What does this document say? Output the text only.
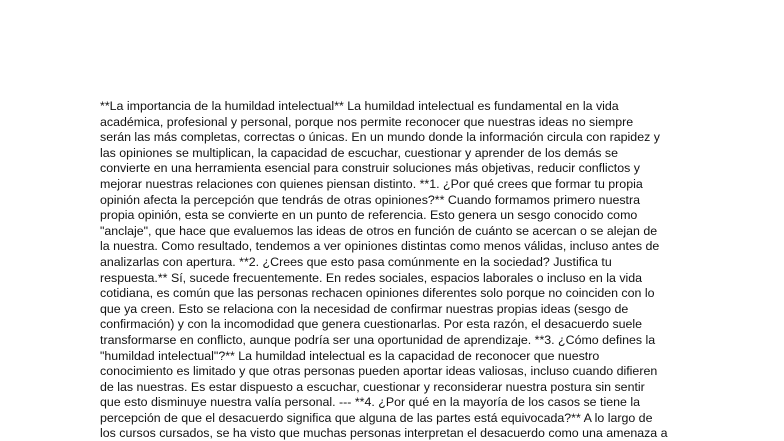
**La importancia de la humildad intelectual** La humildad intelectual es fundamental en la vida
académica, profesional y personal, porque nos permite reconocer que nuestras ideas no siempre
serán las más completas, correctas o únicas. En un mundo donde la información circula con rapidez y
las opiniones se multiplican, la capacidad de escuchar, cuestionar y aprender de los demás se
convierte en una herramienta esencial para construir soluciones más objetivas, reducir conflictos y
mejorar nuestras relaciones con quienes piensan distinto. **1. ¿Por qué crees que formar tu propia
opinión afecta la percepción que tendrás de otras opiniones?** Cuando formamos primero nuestra
propia opinión, esta se convierte en un punto de referencia. Esto genera un sesgo conocido como
"anclaje", que hace que evaluemos las ideas de otros en función de cuánto se acercan o se alejan de
la nuestra. Como resultado, tendemos a ver opiniones distintas como menos válidas, incluso antes de
analizarlas con apertura. **2. ¿Crees que esto pasa comúnmente en la sociedad? Justifica tu
respuesta.** Sí, sucede frecuentemente. En redes sociales, espacios laborales o incluso en la vida
cotidiana, es común que las personas rechacen opiniones diferentes solo porque no coinciden con lo
que ya creen. Esto se relaciona con la necesidad de confirmar nuestras propias ideas (sesgo de
confirmación) y con la incomodidad que genera cuestionarlas. Por esta razón, el desacuerdo suele
transformarse en conflicto, aunque podría ser una oportunidad de aprendizaje. **3. ¿Cómo defines la
"humildad intelectual"?** La humildad intelectual es la capacidad de reconocer que nuestro
conocimiento es limitado y que otras personas pueden aportar ideas valiosas, incluso cuando difieren
de las nuestras. Es estar dispuesto a escuchar, cuestionar y reconsiderar nuestra postura sin sentir
que esto disminuye nuestra valía personal. --- **4. ¿Por qué en la mayoría de los casos se tiene la
percepción de que el desacuerdo significa que alguna de las partes está equivocada?** A lo largo de
los cursos cursados, se ha visto que muchas personas interpretan el desacuerdo como una amenaza a
